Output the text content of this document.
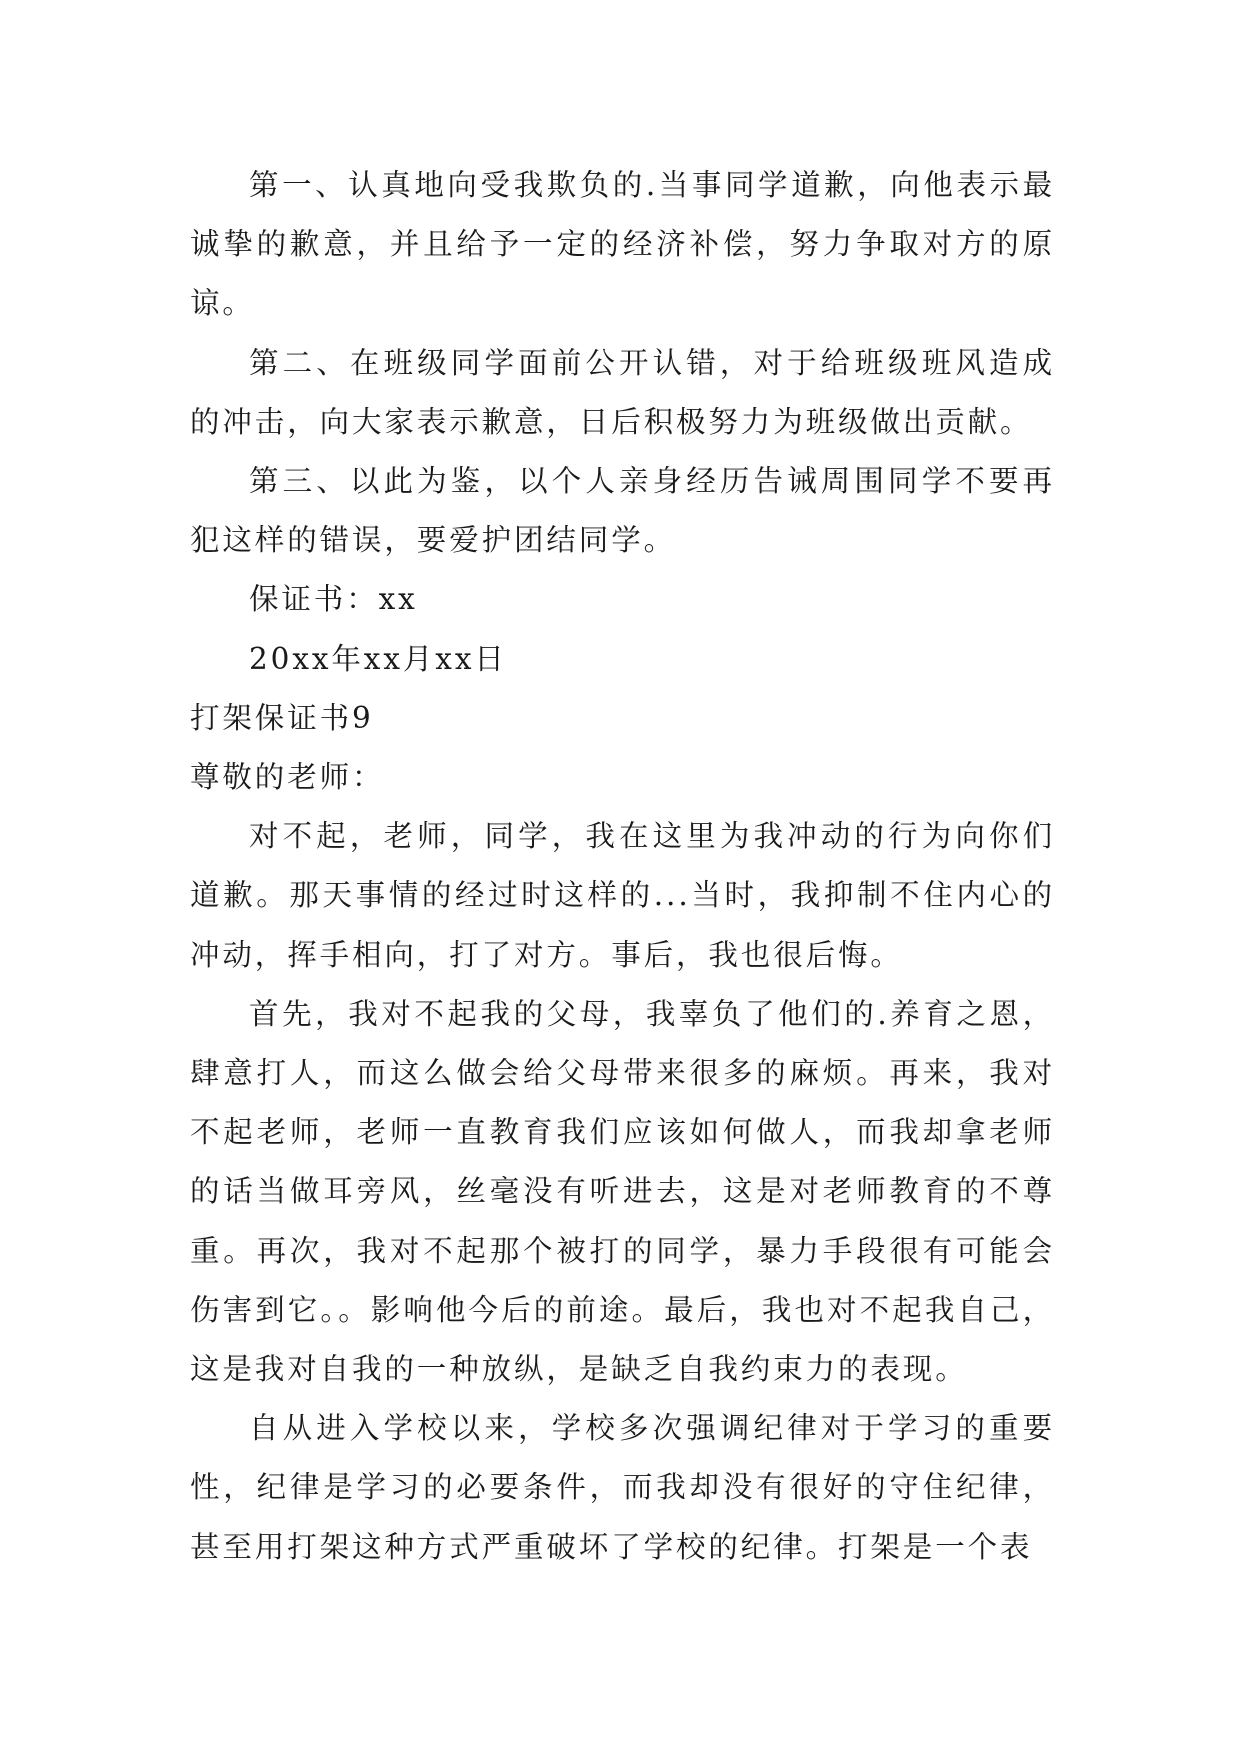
第一、认真地向受我欺负的.当事同学道歉，向他表示最诚挚的歉意，并且给予一定的经济补偿，努力争取对方的原谅。

第二、在班级同学面前公开认错，对于给班级班风造成的冲击，向大家表示歉意，日后积极努力为班级做出贡献。

第三、以此为鉴，以个人亲身经历告诫周围同学不要再犯这样的错误，要爱护团结同学。

保证书：xx

20xx年xx月xx日

打架保证书9

尊敬的老师：

对不起，老师，同学，我在这里为我冲动的行为向你们道歉。那天事情的经过时这样的...当时，我抑制不住内心的冲动，挥手相向，打了对方。事后，我也很后悔。

首先，我对不起我的父母，我辜负了他们的.养育之恩，肆意打人，而这么做会给父母带来很多的麻烦。再来，我对不起老师，老师一直教育我们应该如何做人，而我却拿老师的话当做耳旁风，丝毫没有听进去，这是对老师教育的不尊重。再次，我对不起那个被打的同学，暴力手段很有可能会伤害到它。。影响他今后的前途。最后，我也对不起我自己，这是我对自我的一种放纵，是缺乏自我约束力的表现。

自从进入学校以来，学校多次强调纪律对于学习的重要性，纪律是学习的必要条件，而我却没有很好的守住纪律，甚至用打架这种方式严重破坏了学校的纪律。打架是一个表
